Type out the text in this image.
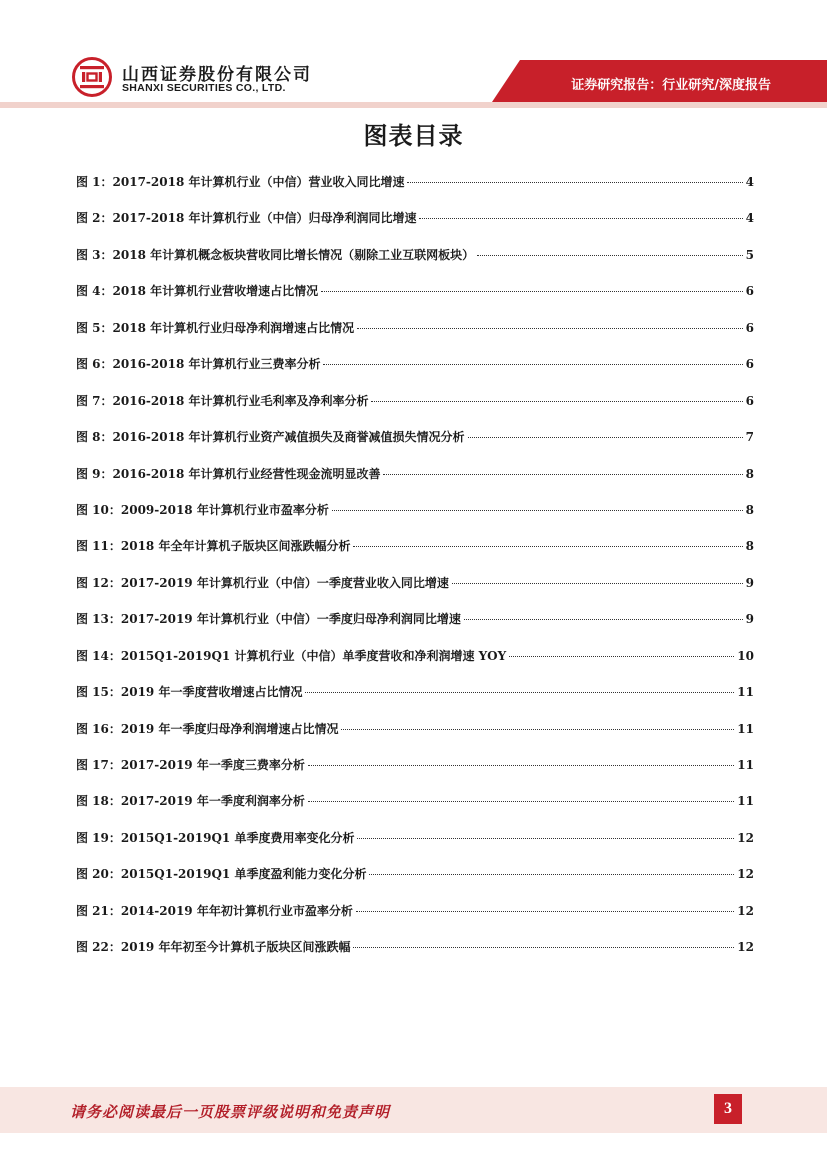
山西证券股份有限公司
SHANXI SECURITIES CO., LTD.	证券研究报告：行业研究/深度报告
图表目录
图 1：2017-2018 年计算机行业（中信）营业收入同比增速	4
图 2：2017-2018 年计算机行业（中信）归母净利润同比增速	4
图 3：2018 年计算机概念板块营收同比增长情况（剔除工业互联网板块）	5
图 4：2018 年计算机行业营收增速占比情况	6
图 5：2018 年计算机行业归母净利润增速占比情况	6
图 6：2016-2018 年计算机行业三费率分析	6
图 7：2016-2018 年计算机行业毛利率及净利率分析	6
图 8：2016-2018 年计算机行业资产减值损失及商誉减值损失情况分析	7
图 9：2016-2018 年计算机行业经营性现金流明显改善	8
图 10：2009-2018 年计算机行业市盈率分析	8
图 11：2018 年全年计算机子版块区间涨跌幅分析	8
图 12：2017-2019 年计算机行业（中信）一季度营业收入同比增速	9
图 13：2017-2019 年计算机行业（中信）一季度归母净利润同比增速	9
图 14：2015Q1-2019Q1 计算机行业（中信）单季度营收和净利润增速 YOY	10
图 15：2019 年一季度营收增速占比情况	11
图 16：2019 年一季度归母净利润增速占比情况	11
图 17：2017-2019 年一季度三费率分析	11
图 18：2017-2019 年一季度利润率分析	11
图 19：2015Q1-2019Q1 单季度费用率变化分析	12
图 20：2015Q1-2019Q1 单季度盈利能力变化分析	12
图 21：2014-2019 年年初计算机行业市盈率分析	12
图 22：2019 年年初至今计算机子版块区间涨跌幅	12
请务必阅读最后一页股票评级说明和免责声明	3
